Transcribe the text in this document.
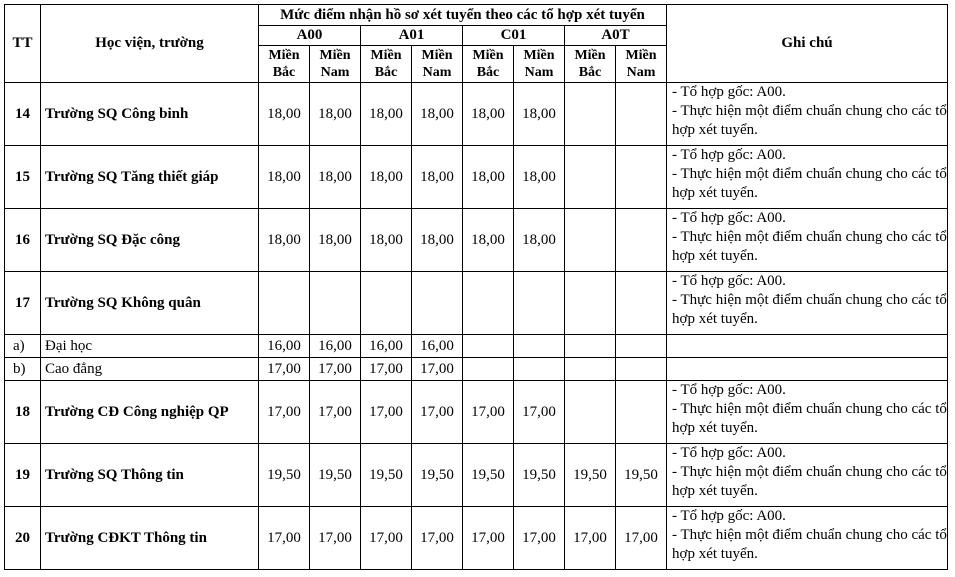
TT	Học viện, trường	Mức điểm nhận hồ sơ xét tuyển theo các tổ hợp xét tuyển								Ghi chú
		A00		A01		C01		A0T		
		Miền Bắc	Miền Nam	Miền Bắc	Miền Nam	Miền Bắc	Miền Nam	Miền Bắc	Miền Nam	
14	Trường SQ Công binh	18,00	18,00	18,00	18,00	18,00	18,00			- Tổ hợp gốc: A00.
- Thực hiện một điểm chuẩn chung cho các tổ hợp xét tuyển.

15	Trường SQ Tăng thiết giáp	18,00	18,00	18,00	18,00	18,00	18,00			- Tổ hợp gốc: A00.
- Thực hiện một điểm chuẩn chung cho các tổ hợp xét tuyển.

16	Trường SQ Đặc công	18,00	18,00	18,00	18,00	18,00	18,00			- Tổ hợp gốc: A00.
- Thực hiện một điểm chuẩn chung cho các tổ hợp xét tuyển.

17	Trường SQ Không quân									- Tổ hợp gốc: A00.
- Thực hiện một điểm chuẩn chung cho các tổ hợp xét tuyển.

a)	Đại học	16,00	16,00	16,00	16,00					
b)	Cao đẳng	17,00	17,00	17,00	17,00					
18	Trường CĐ Công nghiệp QP	17,00	17,00	17,00	17,00	17,00	17,00			- Tổ hợp gốc: A00.
- Thực hiện một điểm chuẩn chung cho các tổ hợp xét tuyển.

19	Trường SQ Thông tin	19,50	19,50	19,50	19,50	19,50	19,50	19,50	19,50	- Tổ hợp gốc: A00.
- Thực hiện một điểm chuẩn chung cho các tổ hợp xét tuyển.

20	Trường CĐKT Thông tin	17,00	17,00	17,00	17,00	17,00	17,00	17,00	17,00	- Tổ hợp gốc: A00.
- Thực hiện một điểm chuẩn chung cho các tổ hợp xét tuyển.
